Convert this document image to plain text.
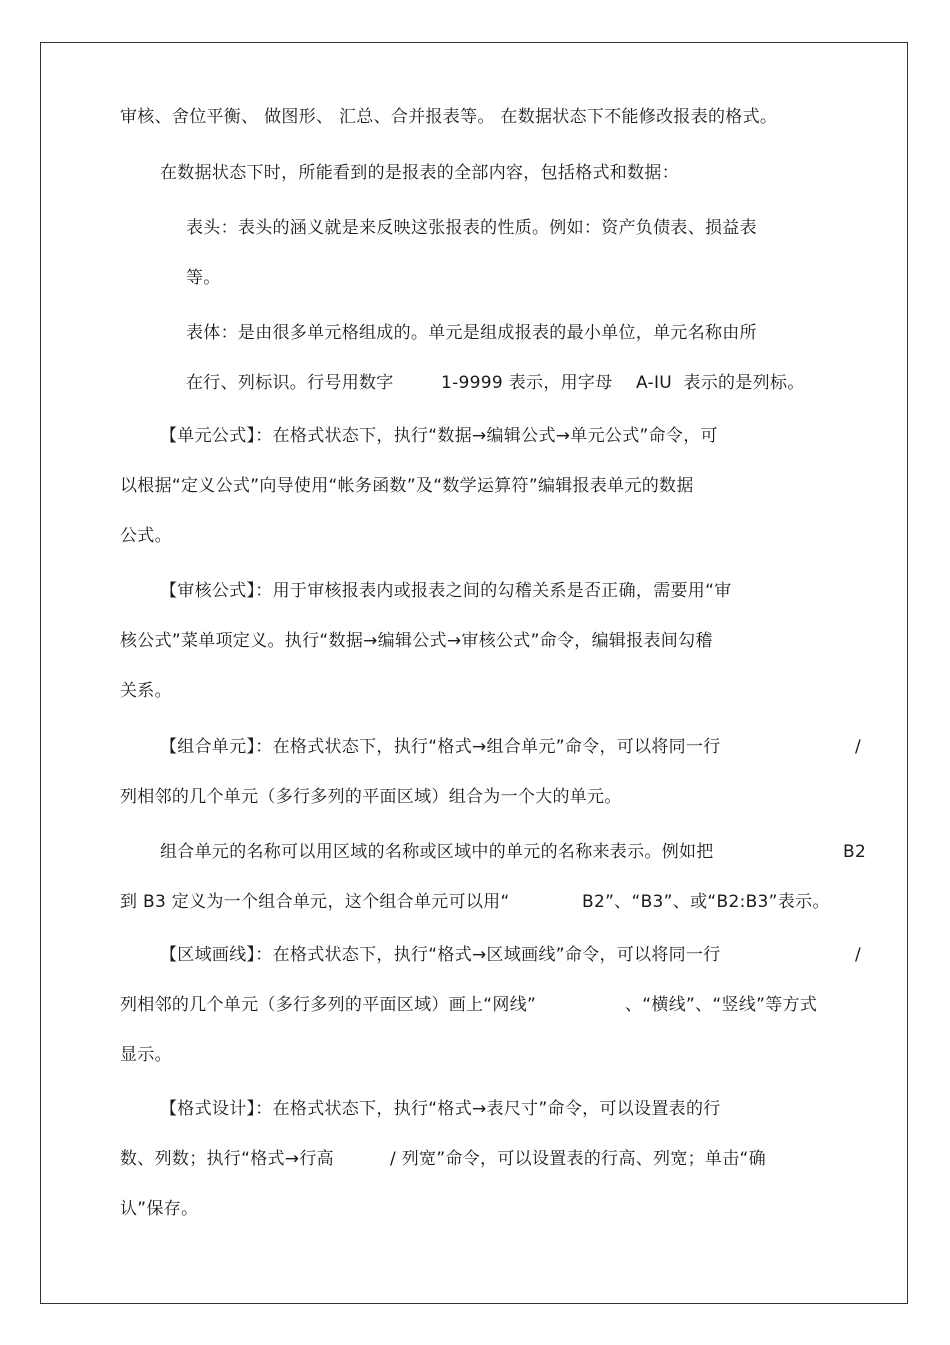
审核、舍位平衡、 做图形、 汇总、合并报表等。 在数据状态下不能修改报表的格式。
在数据状态下时，所能看到的是报表的全部内容，包括格式和数据：
表头：表头的涵义就是来反映这张报表的性质。例如：资产负债表、损益表
等。
表体：是由很多单元格组成的。单元是组成报表的最小单位，单元名称由所
在行、列标识。行号用数字	1-9999 表示，用字母 A-IU  表示的是列标。
【单元公式】：在格式状态下，执行“数据→编辑公式→单元公式”命令，可
以根据“定义公式”向导使用“帐务函数”及“数学运算符”编辑报表单元的数据
公式。
【审核公式】：用于审核报表内或报表之间的勾稽关系是否正确，需要用“审
核公式”菜单项定义。执行“数据→编辑公式→审核公式”命令，编辑报表间勾稽
关系。
【组合单元】：在格式状态下，执行“格式→组合单元”命令，可以将同一行	/
列相邻的几个单元（多行多列的平面区域）组合为一个大的单元。
组合单元的名称可以用区域的名称或区域中的单元的名称来表示。例如把	B2
到 B3 定义为一个组合单元，这个组合单元可以用“	B2”、“B3”、或“B2:B3”表示。
【区域画线】：在格式状态下，执行“格式→区域画线”命令，可以将同一行	/
列相邻的几个单元（多行多列的平面区域）画上“网线”	、“横线”、“竖线”等方式
显示。
【格式设计】：在格式状态下，执行“格式→表尺寸”命令，可以设置表的行
数、列数；执行“格式→行高	/ 列宽”命令，可以设置表的行高、列宽；单击“确
认”保存。
